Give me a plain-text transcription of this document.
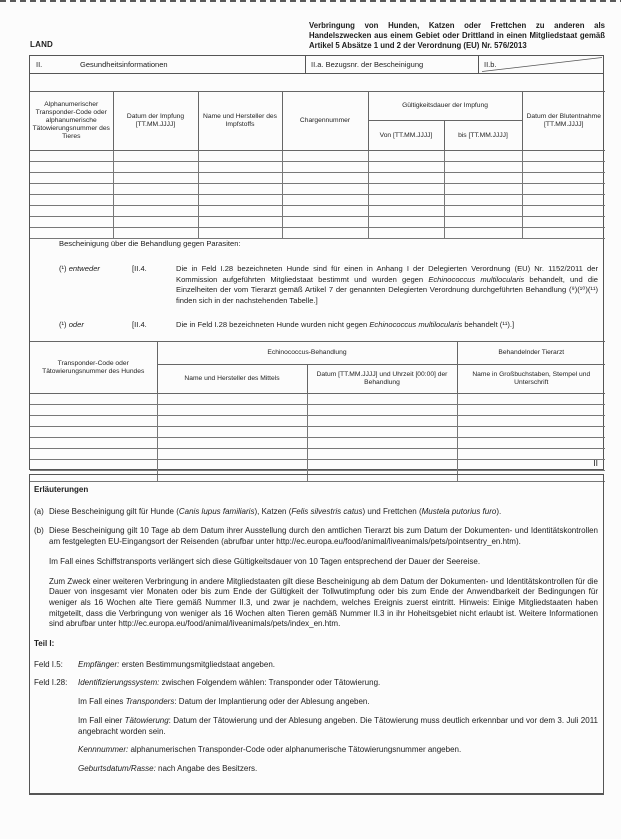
LAND
Verbringung von Hunden, Katzen oder Frettchen zu anderen als Handelszwecken aus einem Gebiet oder Drittland in einen Mitgliedstaat gemäß Artikel 5 Absätze 1 und 2 der Verordnung (EU) Nr. 576/2013
II.	Gesundheitsinformationen	II.a. Bezugsnr. der Bescheinigung	II.b.
Alphanumerischer Transponder-Code oder alphanumerische Tätowierungsnummer des Tieres	Datum der Impfung [TT.MM.JJJJ]	Name und Hersteller des Impfstoffs	Chargennummer	Gültigkeitsdauer der Impfung		Datum der Blutentnahme [TT.MM.JJJJ]
				Von [TT.MM.JJJJ]	bis [TT.MM.JJJJ]	

Bescheinigung über die Behandlung gegen Parasiten:
(¹) entweder	[II.4.	Die in Feld I.28 bezeichneten Hunde sind für einen in Anhang I der Delegierten Verordnung (EU) Nr. 1152/2011 der Kommission aufgeführten Mitgliedstaat bestimmt und wurden gegen Echinococcus multilocularis behandelt, und die Einzelheiten der vom Tierarzt gemäß Artikel 7 der genannten Delegierten Verordnung durchgeführten Behandlung (⁹)(¹⁰)(¹¹) finden sich in der nachstehenden Tabelle.]
(¹) oder	[II.4.	Die in Feld I.28 bezeichneten Hunde wurden nicht gegen Echinococcus multilocularis behandelt (¹¹).]
Transponder-Code oder Tätowierungsnummer des Hundes	Echinococcus-Behandlung		Behandelnder Tierarzt
	Name und Hersteller des Mittels	Datum [TT.MM.JJJJ] und Uhrzeit [00:00] der Behandlung	Name in Großbuchstaben, Stempel und Unterschrift

II
Erläuterungen
(a) Diese Bescheinigung gilt für Hunde (Canis lupus familiaris), Katzen (Felis silvestris catus) und Frettchen (Mustela putorius furo).
(b) Diese Bescheinigung gilt 10 Tage ab dem Datum ihrer Ausstellung durch den amtlichen Tierarzt bis zum Datum der Dokumenten- und Identitätskontrollen am festgelegten EU-Eingangsort der Reisenden (abrufbar unter http://ec.europa.eu/food/animal/liveanimals/pets/pointsentry_en.htm).
Im Fall eines Schiffstransports verlängert sich diese Gültigkeitsdauer von 10 Tagen entsprechend der Dauer der Seereise.
Zum Zweck einer weiteren Verbringung in andere Mitgliedstaaten gilt diese Bescheinigung ab dem Datum der Dokumenten- und Identitätskontrollen für die Dauer von insgesamt vier Monaten oder bis zum Ende der Gültigkeit der Tollwutimpfung oder bis zum Ende der Anwendbarkeit der Bedingungen für weniger als 16 Wochen alte Tiere gemäß Nummer II.3, und zwar je nachdem, welches Ereignis zuerst eintritt. Hinweis: Einige Mitgliedstaaten haben mitgeteilt, dass die Verbringung von weniger als 16 Wochen alten Tieren gemäß Nummer II.3 in ihr Hoheitsgebiet nicht erlaubt ist. Weitere Informationen sind abrufbar unter http://ec.europa.eu/food/animal/liveanimals/pets/index_en.htm.
Teil I:
Feld I.5:	Empfänger: ersten Bestimmungsmitgliedstaat angeben.
Feld I.28:	Identifizierungssystem: zwischen Folgendem wählen: Transponder oder Tätowierung.
Im Fall eines Transponders: Datum der Implantierung oder der Ablesung angeben.
Im Fall einer Tätowierung: Datum der Tätowierung und der Ablesung angeben. Die Tätowierung muss deutlich erkennbar und vor dem 3. Juli 2011 angebracht worden sein.
Kennnummer: alphanumerischen Transponder-Code oder alphanumerische Tätowierungsnummer angeben.
Geburtsdatum/Rasse: nach Angabe des Besitzers.
